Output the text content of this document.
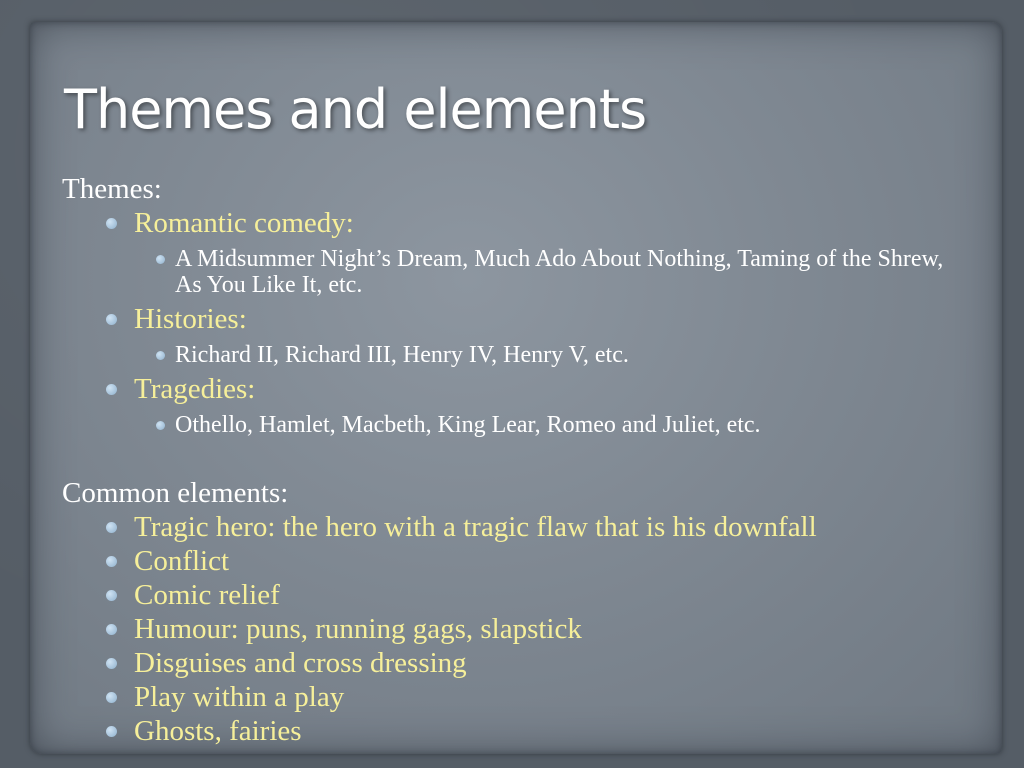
Themes and elements

Themes:

Romantic comedy:
A Midsummer Night’s Dream, Much Ado About Nothing, Taming of the Shrew, As You Like It, etc.
Histories:
Richard II, Richard III, Henry IV, Henry V, etc.
Tragedies:
Othello, Hamlet, Macbeth, King Lear, Romeo and Juliet, etc.

Common elements:

Tragic hero: the hero with a tragic flaw that is his downfall
Conflict
Comic relief
Humour: puns, running gags, slapstick
Disguises and cross dressing
Play within a play
Ghosts, fairies
